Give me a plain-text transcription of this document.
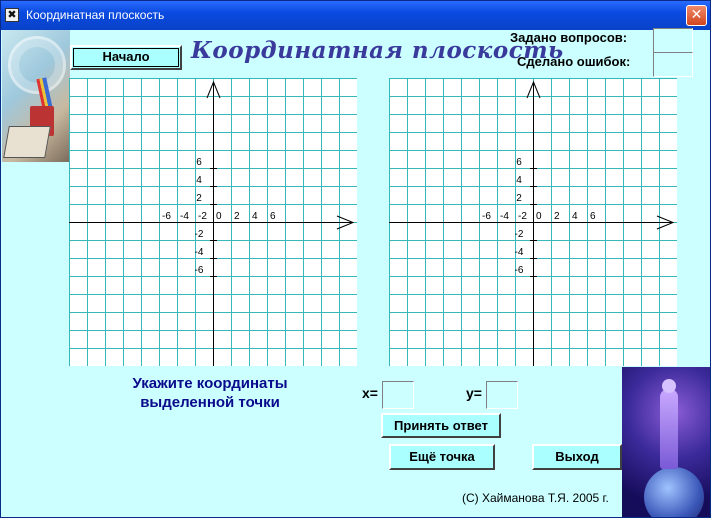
✖ Координатная плоскость	✕
Начало	Координатная плоскость
Задано вопросов:
Сделано ошибок:
-6 -4 -2 0 2 4 6
6
4
2
-2
-4
-6
-6 -4 -2 0 2 4 6
6
4
2
-2
-4
-6
Укажите координаты
выделенной точки
x=	у=
Принять ответ
Ещё точка	Выход
(С) Хайманова Т.Я. 2005 г.
